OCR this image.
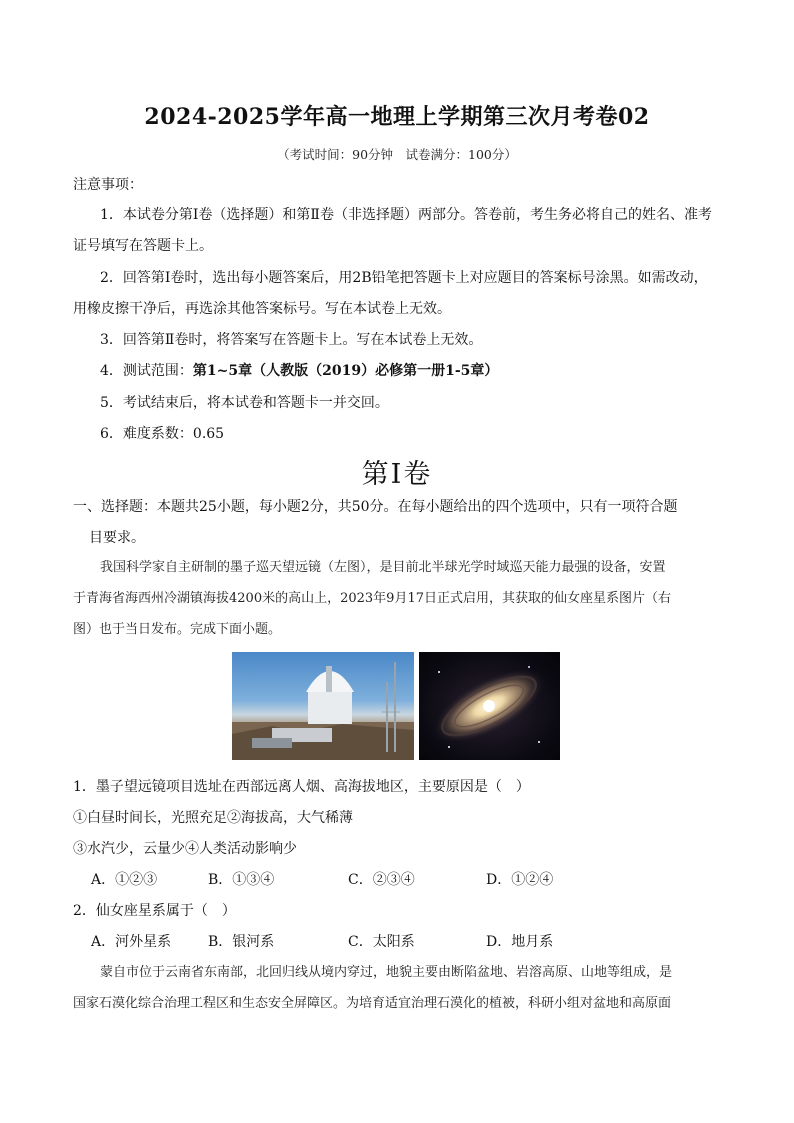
2024-2025学年高一地理上学期第三次月考卷02
（考试时间：90分钟　试卷满分：100分）
注意事项：
1．本试卷分第Ⅰ卷（选择题）和第Ⅱ卷（非选择题）两部分。答卷前，考生务必将自己的姓名、准考
证号填写在答题卡上。
2．回答第Ⅰ卷时，选出每小题答案后，用2B铅笔把答题卡上对应题目的答案标号涂黑。如需改动，
用橡皮擦干净后，再选涂其他答案标号。写在本试卷上无效。
3．回答第Ⅱ卷时，将答案写在答题卡上。写在本试卷上无效。
4．测试范围：第1~5章（人教版（2019）必修第一册1-5章）
5．考试结束后，将本试卷和答题卡一并交回。
6．难度系数：0.65
第Ⅰ卷
一、选择题：本题共25小题，每小题2分，共50分。在每小题给出的四个选项中，只有一项符合题
目要求。
我国科学家自主研制的墨子巡天望远镜（左图），是目前北半球光学时域巡天能力最强的设备，安置
于青海省海西州冷湖镇海拔4200米的高山上，2023年9月17日正式启用，其获取的仙女座星系图片（右
图）也于当日发布。完成下面小题。
1．墨子望远镜项目选址在西部远离人烟、高海拔地区，主要原因是（　）
①白昼时间长，光照充足②海拔高，大气稀薄
③水汽少，云量少④人类活动影响少
A．①②③	B．①③④	C．②③④	D．①②④
2．仙女座星系属于（　）
A．河外星系	B．银河系	C．太阳系	D．地月系
蒙自市位于云南省东南部，北回归线从境内穿过，地貌主要由断陷盆地、岩溶高原、山地等组成，是
国家石漠化综合治理工程区和生态安全屏障区。为培育适宜治理石漠化的植被，科研小组对盆地和高原面
